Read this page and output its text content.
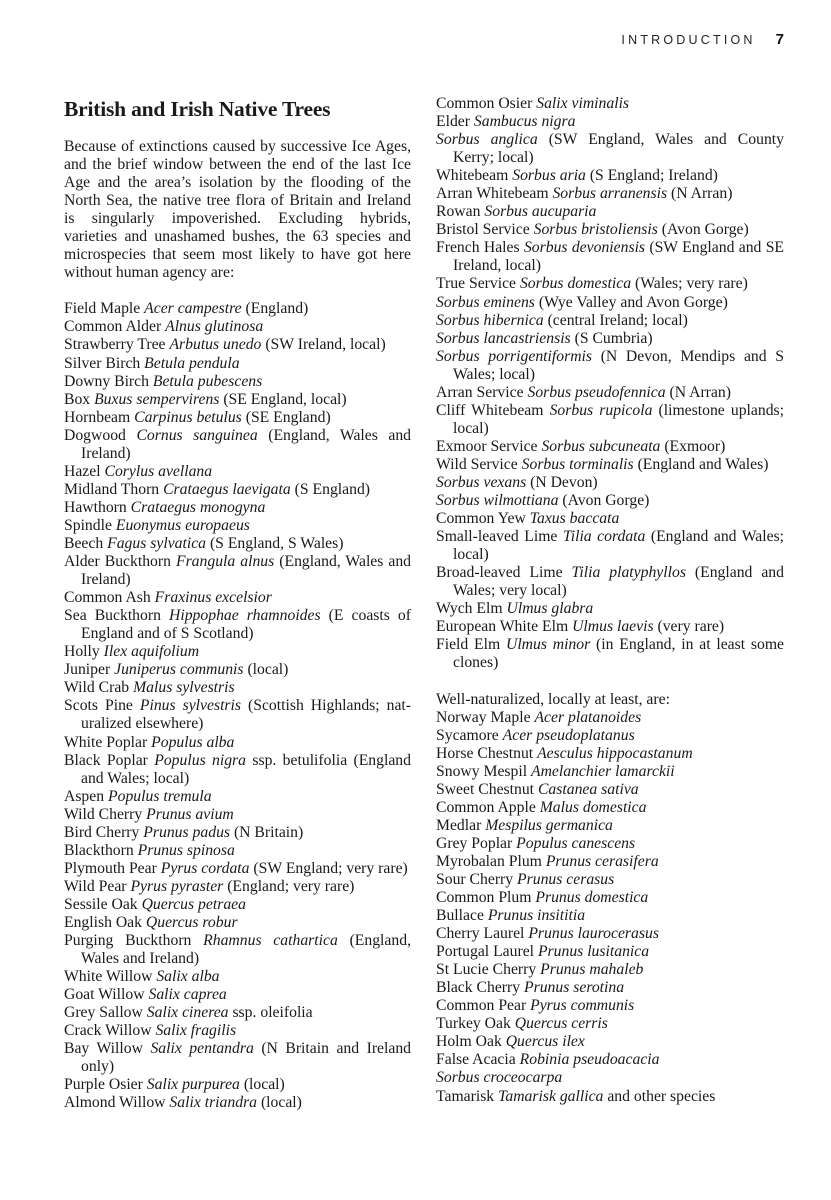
INTRODUCTION 7
British and Irish Native Trees

Because of extinctions caused by successive Ice Ages, and the brief window between the end of the last Ice Age and the area’s isolation by the flooding of the North Sea, the native tree flora of Britain and Ireland is singularly impoverished. Excluding hybrids, varieties and unashamed bushes, the 63 species and microspecies that seem most likely to have got here without human agency are:

Field Maple Acer campestre (England)
Common Alder Alnus glutinosa
Strawberry Tree Arbutus unedo (SW Ireland, local)
Silver Birch Betula pendula
Downy Birch Betula pubescens
Box Buxus sempervirens (SE England, local)
Hornbeam Carpinus betulus (SE England)
Dogwood Cornus sanguinea (England, Wales and Ireland)
Hazel Corylus avellana
Midland Thorn Crataegus laevigata (S England)
Hawthorn Crataegus monogyna
Spindle Euonymus europaeus
Beech Fagus sylvatica (S England, S Wales)
Alder Buckthorn Frangula alnus (England, Wales and Ireland)
Common Ash Fraxinus excelsior
Sea Buckthorn Hippophae rhamnoides (E coasts of England and of S Scotland)
Holly Ilex aquifolium
Juniper Juniperus communis (local)
Wild Crab Malus sylvestris
Scots Pine Pinus sylvestris (Scottish Highlands; naturalized elsewhere)
White Poplar Populus alba
Black Poplar Populus nigra ssp. betulifolia (England and Wales; local)
Aspen Populus tremula
Wild Cherry Prunus avium
Bird Cherry Prunus padus (N Britain)
Blackthorn Prunus spinosa
Plymouth Pear Pyrus cordata (SW England; very rare)
Wild Pear Pyrus pyraster (England; very rare)
Sessile Oak Quercus petraea
English Oak Quercus robur
Purging Buckthorn Rhamnus cathartica (England, Wales and Ireland)
White Willow Salix alba
Goat Willow Salix caprea
Grey Sallow Salix cinerea ssp. oleifolia
Crack Willow Salix fragilis
Bay Willow Salix pentandra (N Britain and Ireland only)
Purple Osier Salix purpurea (local)
Almond Willow Salix triandra (local)
Common Osier Salix viminalis
Elder Sambucus nigra
Sorbus anglica (SW England, Wales and County Kerry; local)
Whitebeam Sorbus aria (S England; Ireland)
Arran Whitebeam Sorbus arranensis (N Arran)
Rowan Sorbus aucuparia
Bristol Service Sorbus bristoliensis (Avon Gorge)
French Hales Sorbus devoniensis (SW England and SE Ireland, local)
True Service Sorbus domestica (Wales; very rare)
Sorbus eminens (Wye Valley and Avon Gorge)
Sorbus hibernica (central Ireland; local)
Sorbus lancastriensis (S Cumbria)
Sorbus porrigentiformis (N Devon, Mendips and S Wales; local)
Arran Service Sorbus pseudofennica (N Arran)
Cliff Whitebeam Sorbus rupicola (limestone uplands; local)
Exmoor Service Sorbus subcuneata (Exmoor)
Wild Service Sorbus torminalis (England and Wales)
Sorbus vexans (N Devon)
Sorbus wilmottiana (Avon Gorge)
Common Yew Taxus baccata
Small-leaved Lime Tilia cordata (England and Wales; local)
Broad-leaved Lime Tilia platyphyllos (England and Wales; very local)
Wych Elm Ulmus glabra
European White Elm Ulmus laevis (very rare)
Field Elm Ulmus minor (in England, in at least some clones)
Well-naturalized, locally at least, are:
Norway Maple Acer platanoides
Sycamore Acer pseudoplatanus
Horse Chestnut Aesculus hippocastanum
Snowy Mespil Amelanchier lamarckii
Sweet Chestnut Castanea sativa
Common Apple Malus domestica
Medlar Mespilus germanica
Grey Poplar Populus canescens
Myrobalan Plum Prunus cerasifera
Sour Cherry Prunus cerasus
Common Plum Prunus domestica
Bullace Prunus insititia
Cherry Laurel Prunus laurocerasus
Portugal Laurel Prunus lusitanica
St Lucie Cherry Prunus mahaleb
Black Cherry Prunus serotina
Common Pear Pyrus communis
Turkey Oak Quercus cerris
Holm Oak Quercus ilex
False Acacia Robinia pseudoacacia
Sorbus croceocarpa
Tamarisk Tamarisk gallica and other species
